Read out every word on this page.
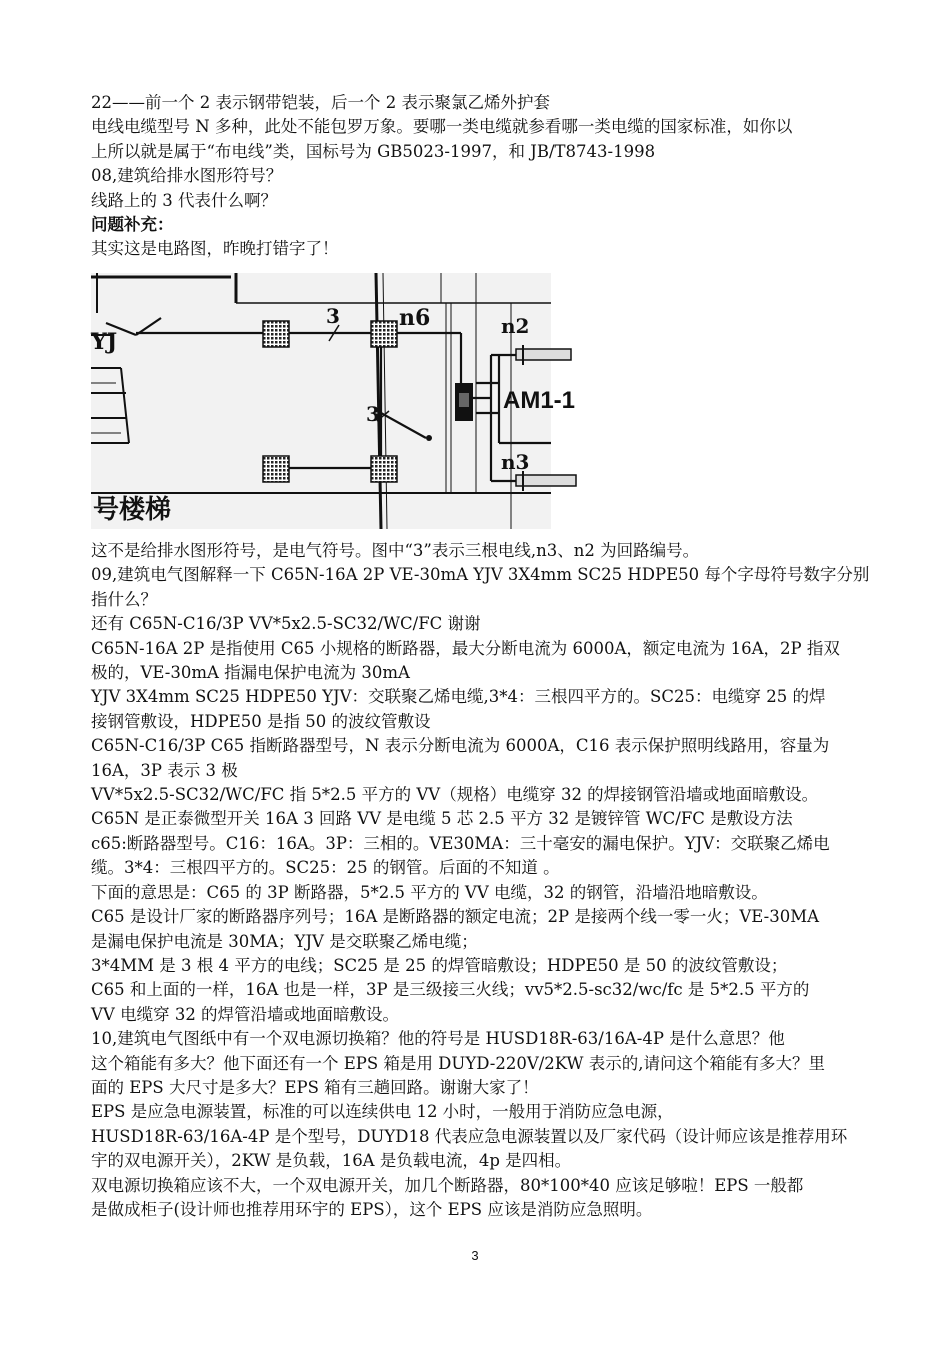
22——前一个 2 表示钢带铠装，后一个 2 表示聚氯乙烯外护套
电线电缆型号 N 多种，此处不能包罗万象。要哪一类电缆就参看哪一类电缆的国家标准，如你以
上所以就是属于“布电线”类，国标号为 GB5023-1997，和 JB/T8743-1998
08,建筑给排水图形符号？
线路上的 3 代表什么啊？
问题补充：
其实这是电路图，昨晚打错字了！
YJ
3
3
n6	n2
n3
AM1-1
号楼梯
这不是给排水图形符号，是电气符号。图中“3”表示三根电线,n3、n2 为回路编号。
09,建筑电气图解释一下 C65N-16A 2P VE-30mA YJV 3X4mm SC25 HDPE50 每个字母符号数字分别
指什么？
还有 C65N-C16/3P VV*5x2.5-SC32/WC/FC 谢谢
C65N-16A 2P 是指使用 C65 小规格的断路器，最大分断电流为 6000A，额定电流为 16A，2P 指双
极的，VE-30mA 指漏电保护电流为 30mA
YJV 3X4mm SC25 HDPE50 YJV：交联聚乙烯电缆,3*4：三根四平方的。SC25：电缆穿 25 的焊
接钢管敷设，HDPE50 是指 50 的波纹管敷设
C65N-C16/3P C65 指断路器型号，N 表示分断电流为 6000A，C16 表示保护照明线路用，容量为
16A，3P 表示 3 极
VV*5x2.5-SC32/WC/FC 指 5*2.5 平方的 VV（规格）电缆穿 32 的焊接钢管沿墙或地面暗敷设。
C65N 是正泰微型开关 16A 3 回路 VV 是电缆 5 芯 2.5 平方 32 是镀锌管 WC/FC 是敷设方法
c65:断路器型号。C16：16A。3P：三相的。VE30MA：三十毫安的漏电保护。YJV：交联聚乙烯电
缆。3*4：三根四平方的。SC25：25 的钢管。后面的不知道 。
下面的意思是：C65 的 3P 断路器，5*2.5 平方的 VV 电缆，32 的钢管，沿墙沿地暗敷设。
C65 是设计厂家的断路器序列号；16A 是断路器的额定电流；2P 是接两个线一零一火；VE-30MA
是漏电保护电流是 30MA；YJV 是交联聚乙烯电缆；
3*4MM 是 3 根 4 平方的电线；SC25 是 25 的焊管暗敷设；HDPE50 是 50 的波纹管敷设；
C65 和上面的一样，16A 也是一样，3P 是三级接三火线；vv5*2.5-sc32/wc/fc 是 5*2.5 平方的
VV 电缆穿 32 的焊管沿墙或地面暗敷设。
10,建筑电气图纸中有一个双电源切换箱？他的符号是 HUSD18R-63/16A-4P 是什么意思？他
这个箱能有多大？他下面还有一个 EPS 箱是用 DUYD-220V/2KW 表示的,请问这个箱能有多大？里
面的 EPS 大尺寸是多大？EPS 箱有三趟回路。谢谢大家了！
EPS 是应急电源装置，标准的可以连续供电 12 小时，一般用于消防应急电源，
HUSD18R-63/16A-4P 是个型号，DUYD18 代表应急电源装置以及厂家代码（设计师应该是推荐用环
宇的双电源开关），2KW 是负载，16A 是负载电流，4p 是四相。
双电源切换箱应该不大，一个双电源开关，加几个断路器，80*100*40 应该足够啦！EPS 一般都
是做成柜子(设计师也推荐用环宇的 EPS），这个 EPS 应该是消防应急照明。
3
